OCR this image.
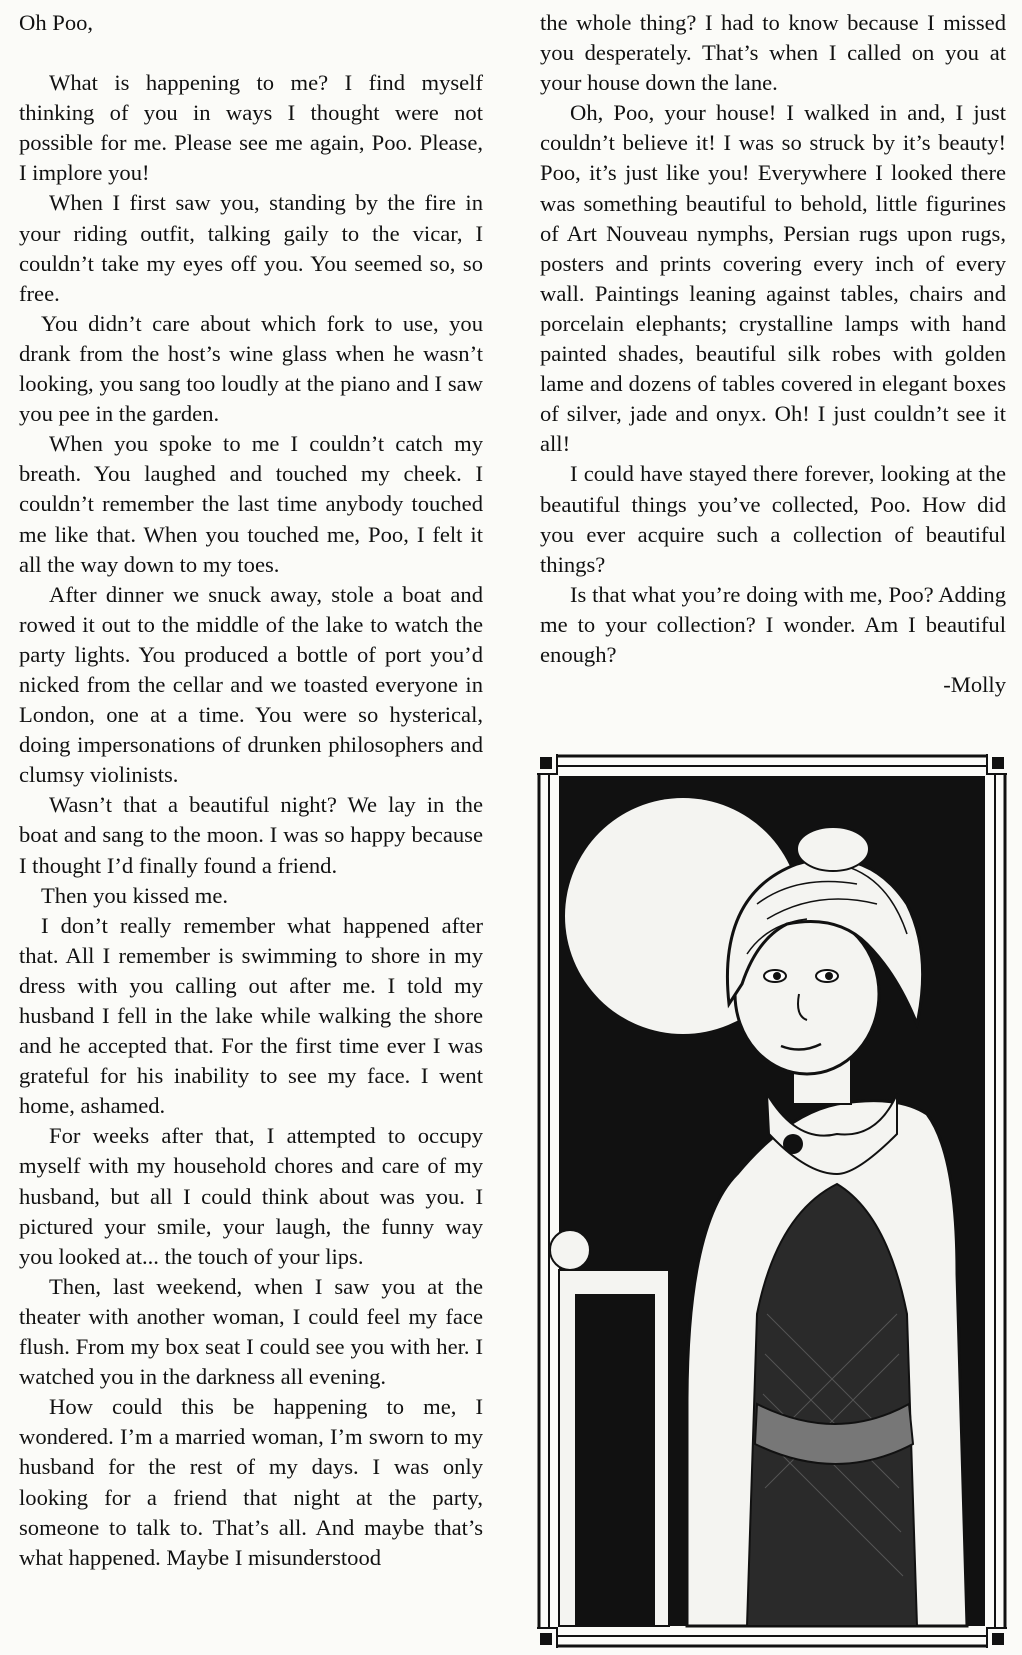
Oh Poo,

What is happening to me? I find myself thinking of you in ways I thought were not possible for me. Please see me again, Poo. Please, I implore you!

When I first saw you, standing by the fire in your riding outfit, talking gaily to the vicar, I couldn’t take my eyes off you. You seemed so, so free.

You didn’t care about which fork to use, you drank from the host’s wine glass when he wasn’t looking, you sang too loudly at the piano and I saw you pee in the garden.

When you spoke to me I couldn’t catch my breath. You laughed and touched my cheek. I couldn’t remember the last time anybody touched me like that. When you touched me, Poo, I felt it all the way down to my toes.

After dinner we snuck away, stole a boat and rowed it out to the middle of the lake to watch the party lights. You produced a bottle of port you’d nicked from the cellar and we toasted everyone in London, one at a time. You were so hysterical, doing impersonations of drunken philosophers and clumsy violinists.

Wasn’t that a beautiful night? We lay in the boat and sang to the moon. I was so happy because I thought I’d finally found a friend.

Then you kissed me.

I don’t really remember what happened after that. All I remember is swimming to shore in my dress with you calling out after me. I told my husband I fell in the lake while walking the shore and he accepted that. For the first time ever I was grateful for his inability to see my face. I went home, ashamed.

For weeks after that, I attempted to occupy myself with my household chores and care of my husband, but all I could think about was you. I pictured your smile, your laugh, the funny way you looked at... the touch of your lips.

Then, last weekend, when I saw you at the theater with another woman, I could feel my face flush. From my box seat I could see you with her. I watched you in the darkness all evening.

How could this be happening to me, I wondered. I’m a married woman, I’m sworn to my husband for the rest of my days. I was only looking for a friend that night at the party, someone to talk to. That’s all. And maybe that’s what happened. Maybe I misunderstood

the whole thing? I had to know because I missed you desperately. That’s when I called on you at your house down the lane.

Oh, Poo, your house! I walked in and, I just couldn’t believe it! I was so struck by it’s beauty! Poo, it’s just like you! Everywhere I looked there was something beautiful to behold, little figurines of Art Nouveau nymphs, Persian rugs upon rugs, posters and prints covering every inch of every wall. Paintings leaning against tables, chairs and porcelain elephants; crystalline lamps with hand painted shades, beautiful silk robes with golden lame and dozens of tables covered in elegant boxes of silver, jade and onyx. Oh! I just couldn’t see it all!

I could have stayed there forever, looking at the beautiful things you’ve collected, Poo. How did you ever acquire such a collection of beautiful things?

Is that what you’re doing with me, Poo? Adding me to your collection? I wonder. Am I beautiful enough?

-Molly
